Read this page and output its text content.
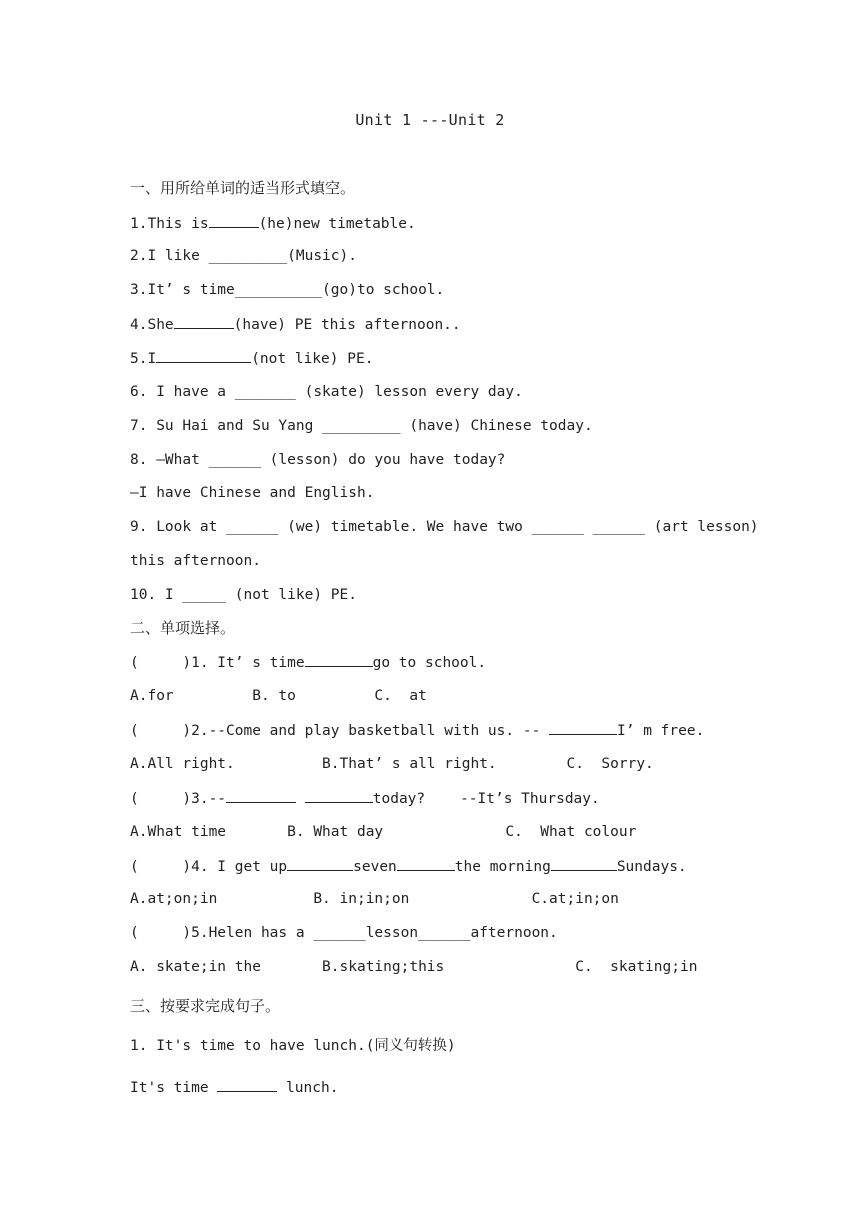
Unit 1 ---Unit 2
一、用所给单词的适当形式填空。
1.This is	(he)new timetable.
2.I like _________(Music).
3.It’ s time__________(go)to school.
4.She	(have) PE this afternoon..
5.I	(not like) PE.
6. I have a _______ (skate) lesson every day.
7. Su Hai and Su Yang _________ (have) Chinese today.
8. —What ______ (lesson) do you have today?
—I have Chinese and English.
9. Look at ______ (we) timetable. We have two ______ ______ (art lesson)
this afternoon.
10. I _____ (not like) PE.
二、单项选择。
(     )1. It’ s time	go to school.
A.for         B. to         C.  at
(     )2.--Come and play basketball with us. --	I’ m free.
A.All right.          B.That’ s all right.        C.  Sorry.
(     )3.--	today?    --It’s Thursday.
A.What time       B. What day              C.  What colour
(     )4. I get up	seven	the morning	Sundays.
A.at;on;in           B. in;in;on              C.at;in;on
(     )5.Helen has a ______lesson______afternoon.
A. skate;in the       B.skating;this               C.  skating;in
三、按要求完成句子。
1. It's time to have lunch.(同义句转换)
It's time	lunch.
